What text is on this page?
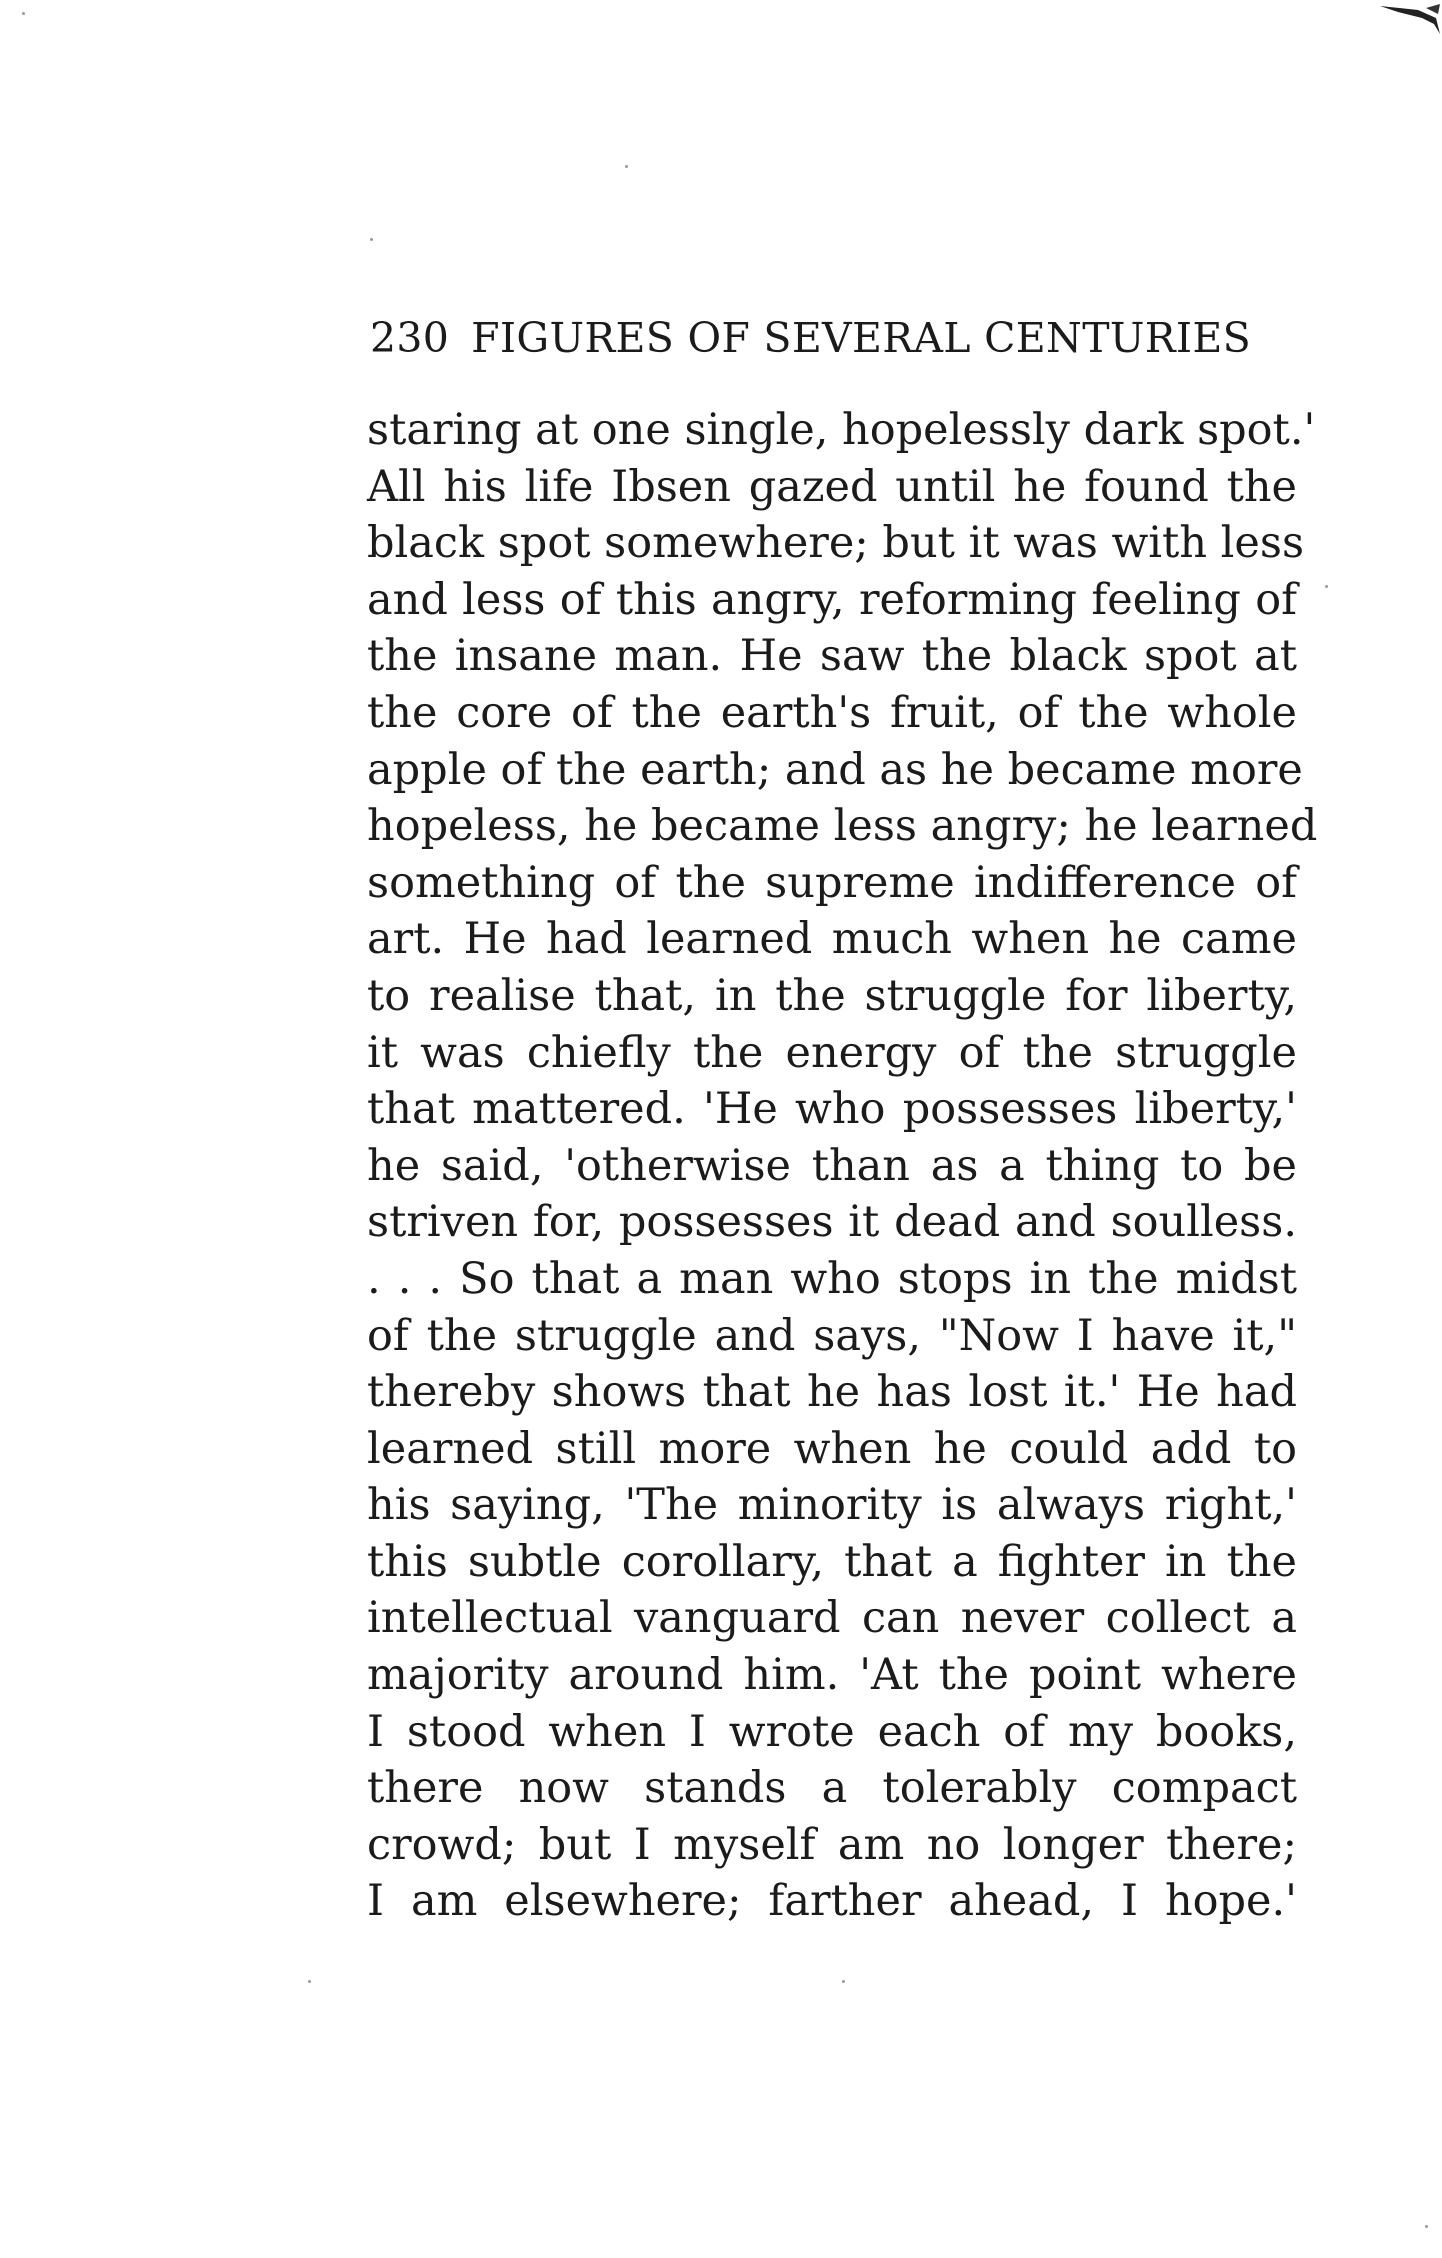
230 FIGURES OF SEVERAL CENTURIES
staring at one single, hopelessly dark spot.'
All his life Ibsen gazed until he found the
black spot somewhere; but it was with less
and less of this angry, reforming feeling of
the insane man. He saw the black spot at
the core of the earth's fruit, of the whole
apple of the earth; and as he became more
hopeless, he became less angry; he learned
something of the supreme indifference of
art. He had learned much when he came
to realise that, in the struggle for liberty,
it was chiefly the energy of the struggle
that mattered. 'He who possesses liberty,'
he said, 'otherwise than as a thing to be
striven for, possesses it dead and soulless.
. . . So that a man who stops in the midst
of the struggle and says, "Now I have it,"
thereby shows that he has lost it.' He had
learned still more when he could add to
his saying, 'The minority is always right,'
this subtle corollary, that a fighter in the
intellectual vanguard can never collect a
majority around him. 'At the point where
I stood when I wrote each of my books,
there now stands a tolerably compact
crowd; but I myself am no longer there;
I am elsewhere; farther ahead, I hope.'
